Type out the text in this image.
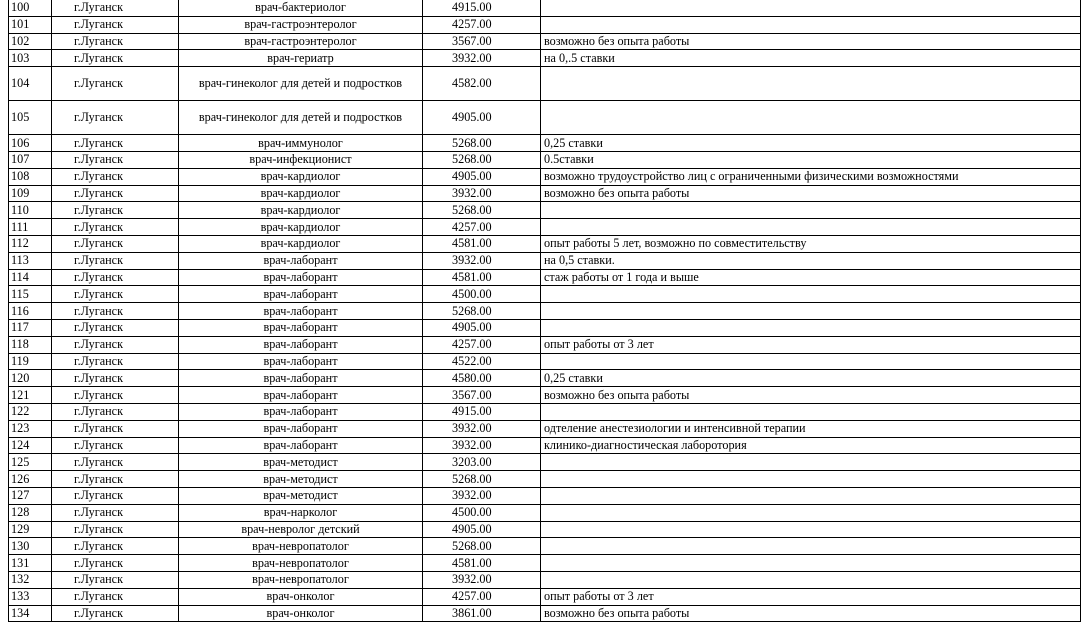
100	г.Луганск	врач-бактериолог	4915.00	
101	г.Луганск	врач-гастроэнтеролог	4257.00	
102	г.Луганск	врач-гастроэнтеролог	3567.00	возможно без опыта работы
103	г.Луганск	врач-гериатр	3932.00	на 0,.5 ставки
104	г.Луганск	врач-гинеколог для детей и подростков	4582.00	
105	г.Луганск	врач-гинеколог для детей и подростков	4905.00	
106	г.Луганск	врач-иммунолог	5268.00	0,25 ставки
107	г.Луганск	врач-инфекционист	5268.00	0.5ставки
108	г.Луганск	врач-кардиолог	4905.00	возможно трудоустройство лиц с ограниченными физическими возможностями
109	г.Луганск	врач-кардиолог	3932.00	возможно без опыта работы
110	г.Луганск	врач-кардиолог	5268.00	
111	г.Луганск	врач-кардиолог	4257.00	
112	г.Луганск	врач-кардиолог	4581.00	опыт работы 5 лет, возможно по совместительству
113	г.Луганск	врач-лаборант	3932.00	на 0,5 ставки.
114	г.Луганск	врач-лаборант	4581.00	стаж работы от 1 года и выше
115	г.Луганск	врач-лаборант	4500.00	
116	г.Луганск	врач-лаборант	5268.00	
117	г.Луганск	врач-лаборант	4905.00	
118	г.Луганск	врач-лаборант	4257.00	опыт работы от 3 лет
119	г.Луганск	врач-лаборант	4522.00	
120	г.Луганск	врач-лаборант	4580.00	0,25 ставки
121	г.Луганск	врач-лаборант	3567.00	возможно без опыта работы
122	г.Луганск	врач-лаборант	4915.00	
123	г.Луганск	врач-лаборант	3932.00	одтеление анестезиологии и интенсивной терапии
124	г.Луганск	врач-лаборант	3932.00	клинико-диагностическая лаборотория
125	г.Луганск	врач-методист	3203.00	
126	г.Луганск	врач-методист	5268.00	
127	г.Луганск	врач-методист	3932.00	
128	г.Луганск	врач-нарколог	4500.00	
129	г.Луганск	врач-невролог детский	4905.00	
130	г.Луганск	врач-невропатолог	5268.00	
131	г.Луганск	врач-невропатолог	4581.00	
132	г.Луганск	врач-невропатолог	3932.00	
133	г.Луганск	врач-онколог	4257.00	опыт работы от 3 лет
134	г.Луганск	врач-онколог	3861.00	возможно без опыта работы
